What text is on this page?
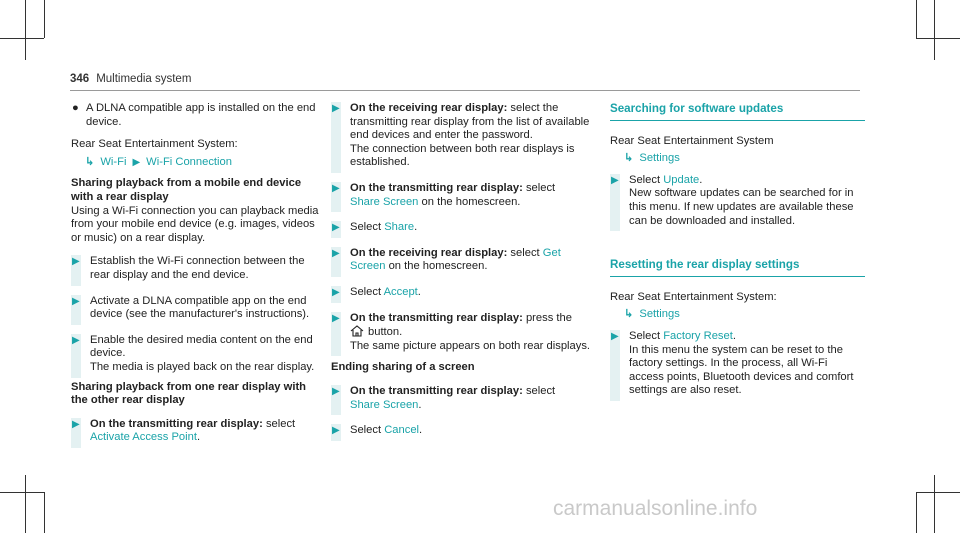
346 Multimedia system
● A DLNA compatible app is installed on the end device.

Rear Seat Entertainment System:

↳ Wi-Fi ▶ Wi-Fi Connection

Sharing playback from a mobile end device with a rear display

Using a Wi-Fi connection you can playback media from your mobile end device (e.g. images, videos or music) on a rear display.

▶ Establish the Wi-Fi connection between the rear display and the end device.

▶ Activate a DLNA compatible app on the end device (see the manufacturer's instructions).

▶ Enable the desired media content on the end device.

The media is played back on the rear display.

Sharing playback from one rear display with the other rear display

▶ On the transmitting rear display: select
Activate Access Point.

▶ On the receiving rear display: select the transmitting rear display from the list of available end devices and enter the password.

The connection between both rear displays is established.

▶ On the transmitting rear display: select
Share Screen on the homescreen.

▶ Select Share.

▶ On the receiving rear display: select Get Screen on the homescreen.

▶ Select Accept.

▶ On the transmitting rear display: press the
button.

The same picture appears on both rear displays.

Ending sharing of a screen

▶ On the transmitting rear display: select
Share Screen.

▶ Select Cancel.

Searching for software updates

Rear Seat Entertainment System

↳ Settings
▶ Select Update.

New software updates can be searched for in this menu. If new updates are available these can be downloaded and installed.

Resetting the rear display settings

Rear Seat Entertainment System:

↳ Settings
▶ Select Factory Reset.

In this menu the system can be reset to the factory settings. In the process, all Wi-Fi access points, Bluetooth devices and comfort settings are also reset.

carmanualsonline.info
